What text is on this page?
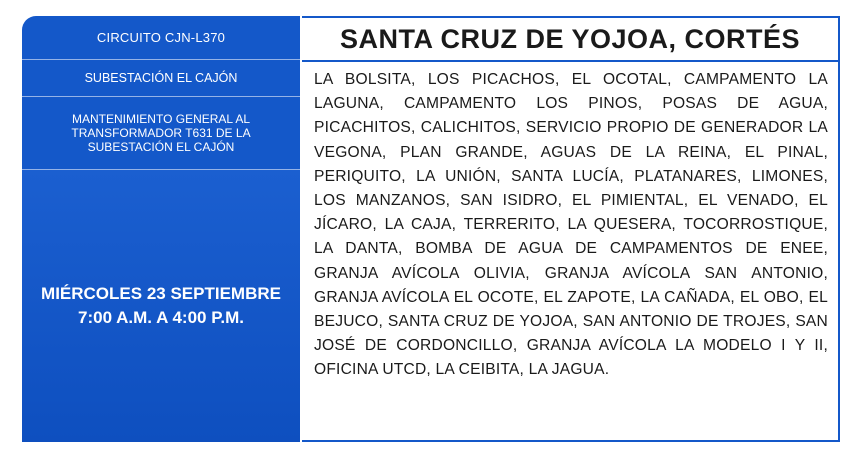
CIRCUITO CJN-L370
SUBESTACIÓN EL CAJÓN
MANTENIMIENTO GENERAL AL TRANSFORMADOR T631 DE LA SUBESTACIÓN EL CAJÓN
MIÉRCOLES 23 SEPTIEMBRE
7:00 A.M. A 4:00 P.M.
SANTA CRUZ DE YOJOA, CORTÉS
LA BOLSITA, LOS PICACHOS, EL OCOTAL, CAMPAMENTO LA LAGUNA, CAMPAMENTO LOS PINOS, POSAS DE AGUA, PICACHITOS, CALICHITOS, SERVICIO PROPIO DE GENERADOR LA VEGONA, PLAN GRANDE, AGUAS DE LA REINA, EL PINAL, PERIQUITO, LA UNIÓN, SANTA LUCÍA, PLATANARES, LIMONES, LOS MANZANOS, SAN ISIDRO, EL PIMIENTAL, EL VENADO, EL JÍCARO, LA CAJA, TERRERITO, LA QUESERA, TOCORROSTIQUE, LA DANTA, BOMBA DE AGUA DE CAMPAMENTOS DE ENEE, GRANJA AVÍCOLA OLIVIA, GRANJA AVÍCOLA SAN ANTONIO, GRANJA AVÍCOLA EL OCOTE, EL ZAPOTE, LA CAÑADA, EL OBO, EL BEJUCO, SANTA CRUZ DE YOJOA, SAN ANTONIO DE TROJES, SAN JOSÉ DE CORDONCILLO, GRANJA AVÍCOLA LA MODELO I Y II, OFICINA UTCD, LA CEIBITA, LA JAGUA.
